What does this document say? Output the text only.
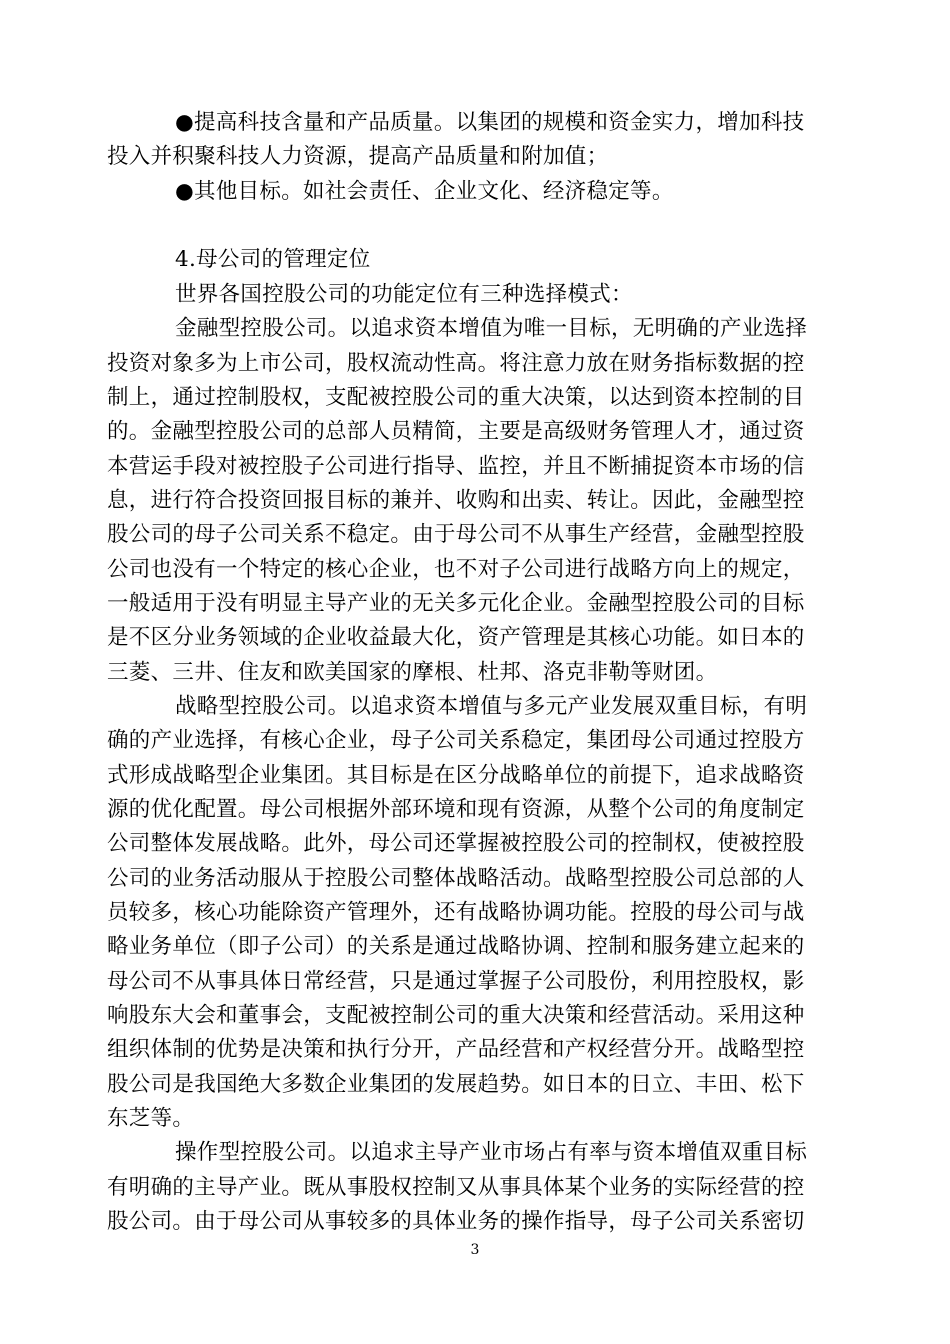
●提高科技含量和产品质量。以集团的规模和资金实力，增加科技
投入并积聚科技人力资源，提高产品质量和附加值；
●其他目标。如社会责任、企业文化、经济稳定等。
4.母公司的管理定位
世界各国控股公司的功能定位有三种选择模式：
金融型控股公司。以追求资本增值为唯一目标，无明确的产业选择
投资对象多为上市公司，股权流动性高。将注意力放在财务指标数据的控
制上，通过控制股权，支配被控股公司的重大决策，以达到资本控制的目
的。金融型控股公司的总部人员精简，主要是高级财务管理人才，通过资
本营运手段对被控股子公司进行指导、监控，并且不断捕捉资本市场的信
息，进行符合投资回报目标的兼并、收购和出卖、转让。因此，金融型控
股公司的母子公司关系不稳定。由于母公司不从事生产经营，金融型控股
公司也没有一个特定的核心企业，也不对子公司进行战略方向上的规定，
一般适用于没有明显主导产业的无关多元化企业。金融型控股公司的目标
是不区分业务领域的企业收益最大化，资产管理是其核心功能。如日本的
三菱、三井、住友和欧美国家的摩根、杜邦、洛克非勒等财团。
战略型控股公司。以追求资本增值与多元产业发展双重目标，有明
确的产业选择，有核心企业，母子公司关系稳定，集团母公司通过控股方
式形成战略型企业集团。其目标是在区分战略单位的前提下，追求战略资
源的优化配置。母公司根据外部环境和现有资源，从整个公司的角度制定
公司整体发展战略。此外，母公司还掌握被控股公司的控制权，使被控股
公司的业务活动服从于控股公司整体战略活动。战略型控股公司总部的人
员较多，核心功能除资产管理外，还有战略协调功能。控股的母公司与战
略业务单位（即子公司）的关系是通过战略协调、控制和服务建立起来的
母公司不从事具体日常经营，只是通过掌握子公司股份，利用控股权，影
响股东大会和董事会，支配被控制公司的重大决策和经营活动。采用这种
组织体制的优势是决策和执行分开，产品经营和产权经营分开。战略型控
股公司是我国绝大多数企业集团的发展趋势。如日本的日立、丰田、松下
东芝等。
操作型控股公司。以追求主导产业市场占有率与资本增值双重目标
有明确的主导产业。既从事股权控制又从事具体某个业务的实际经营的控
股公司。由于母公司从事较多的具体业务的操作指导，母子公司关系密切
3
